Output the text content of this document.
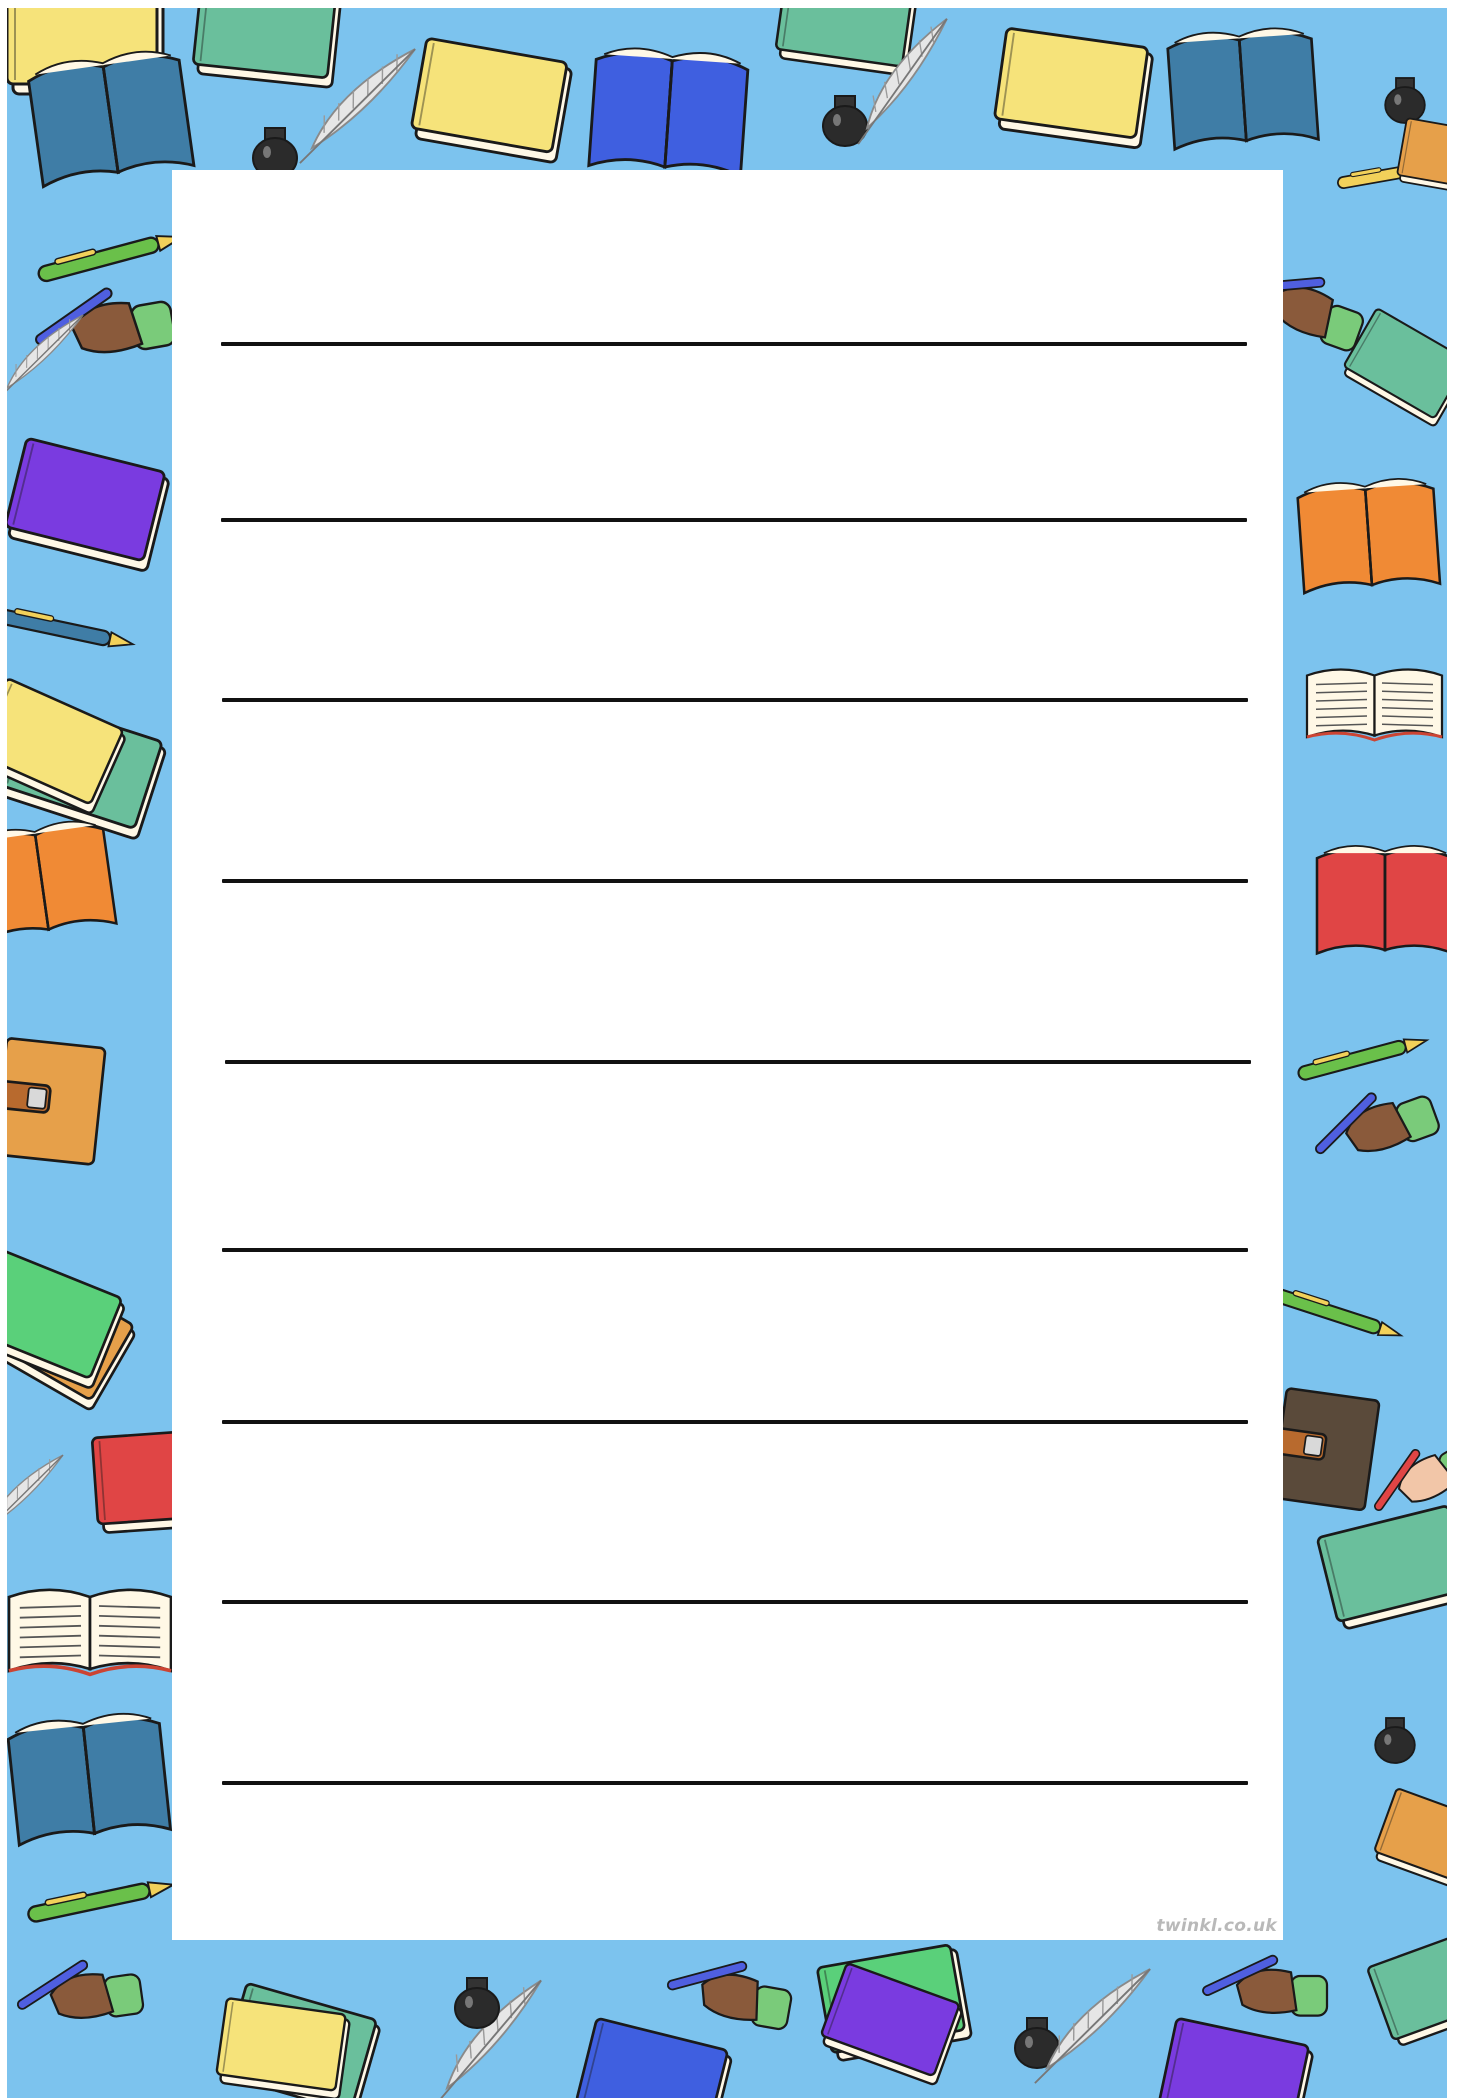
twinkl.co.uk
